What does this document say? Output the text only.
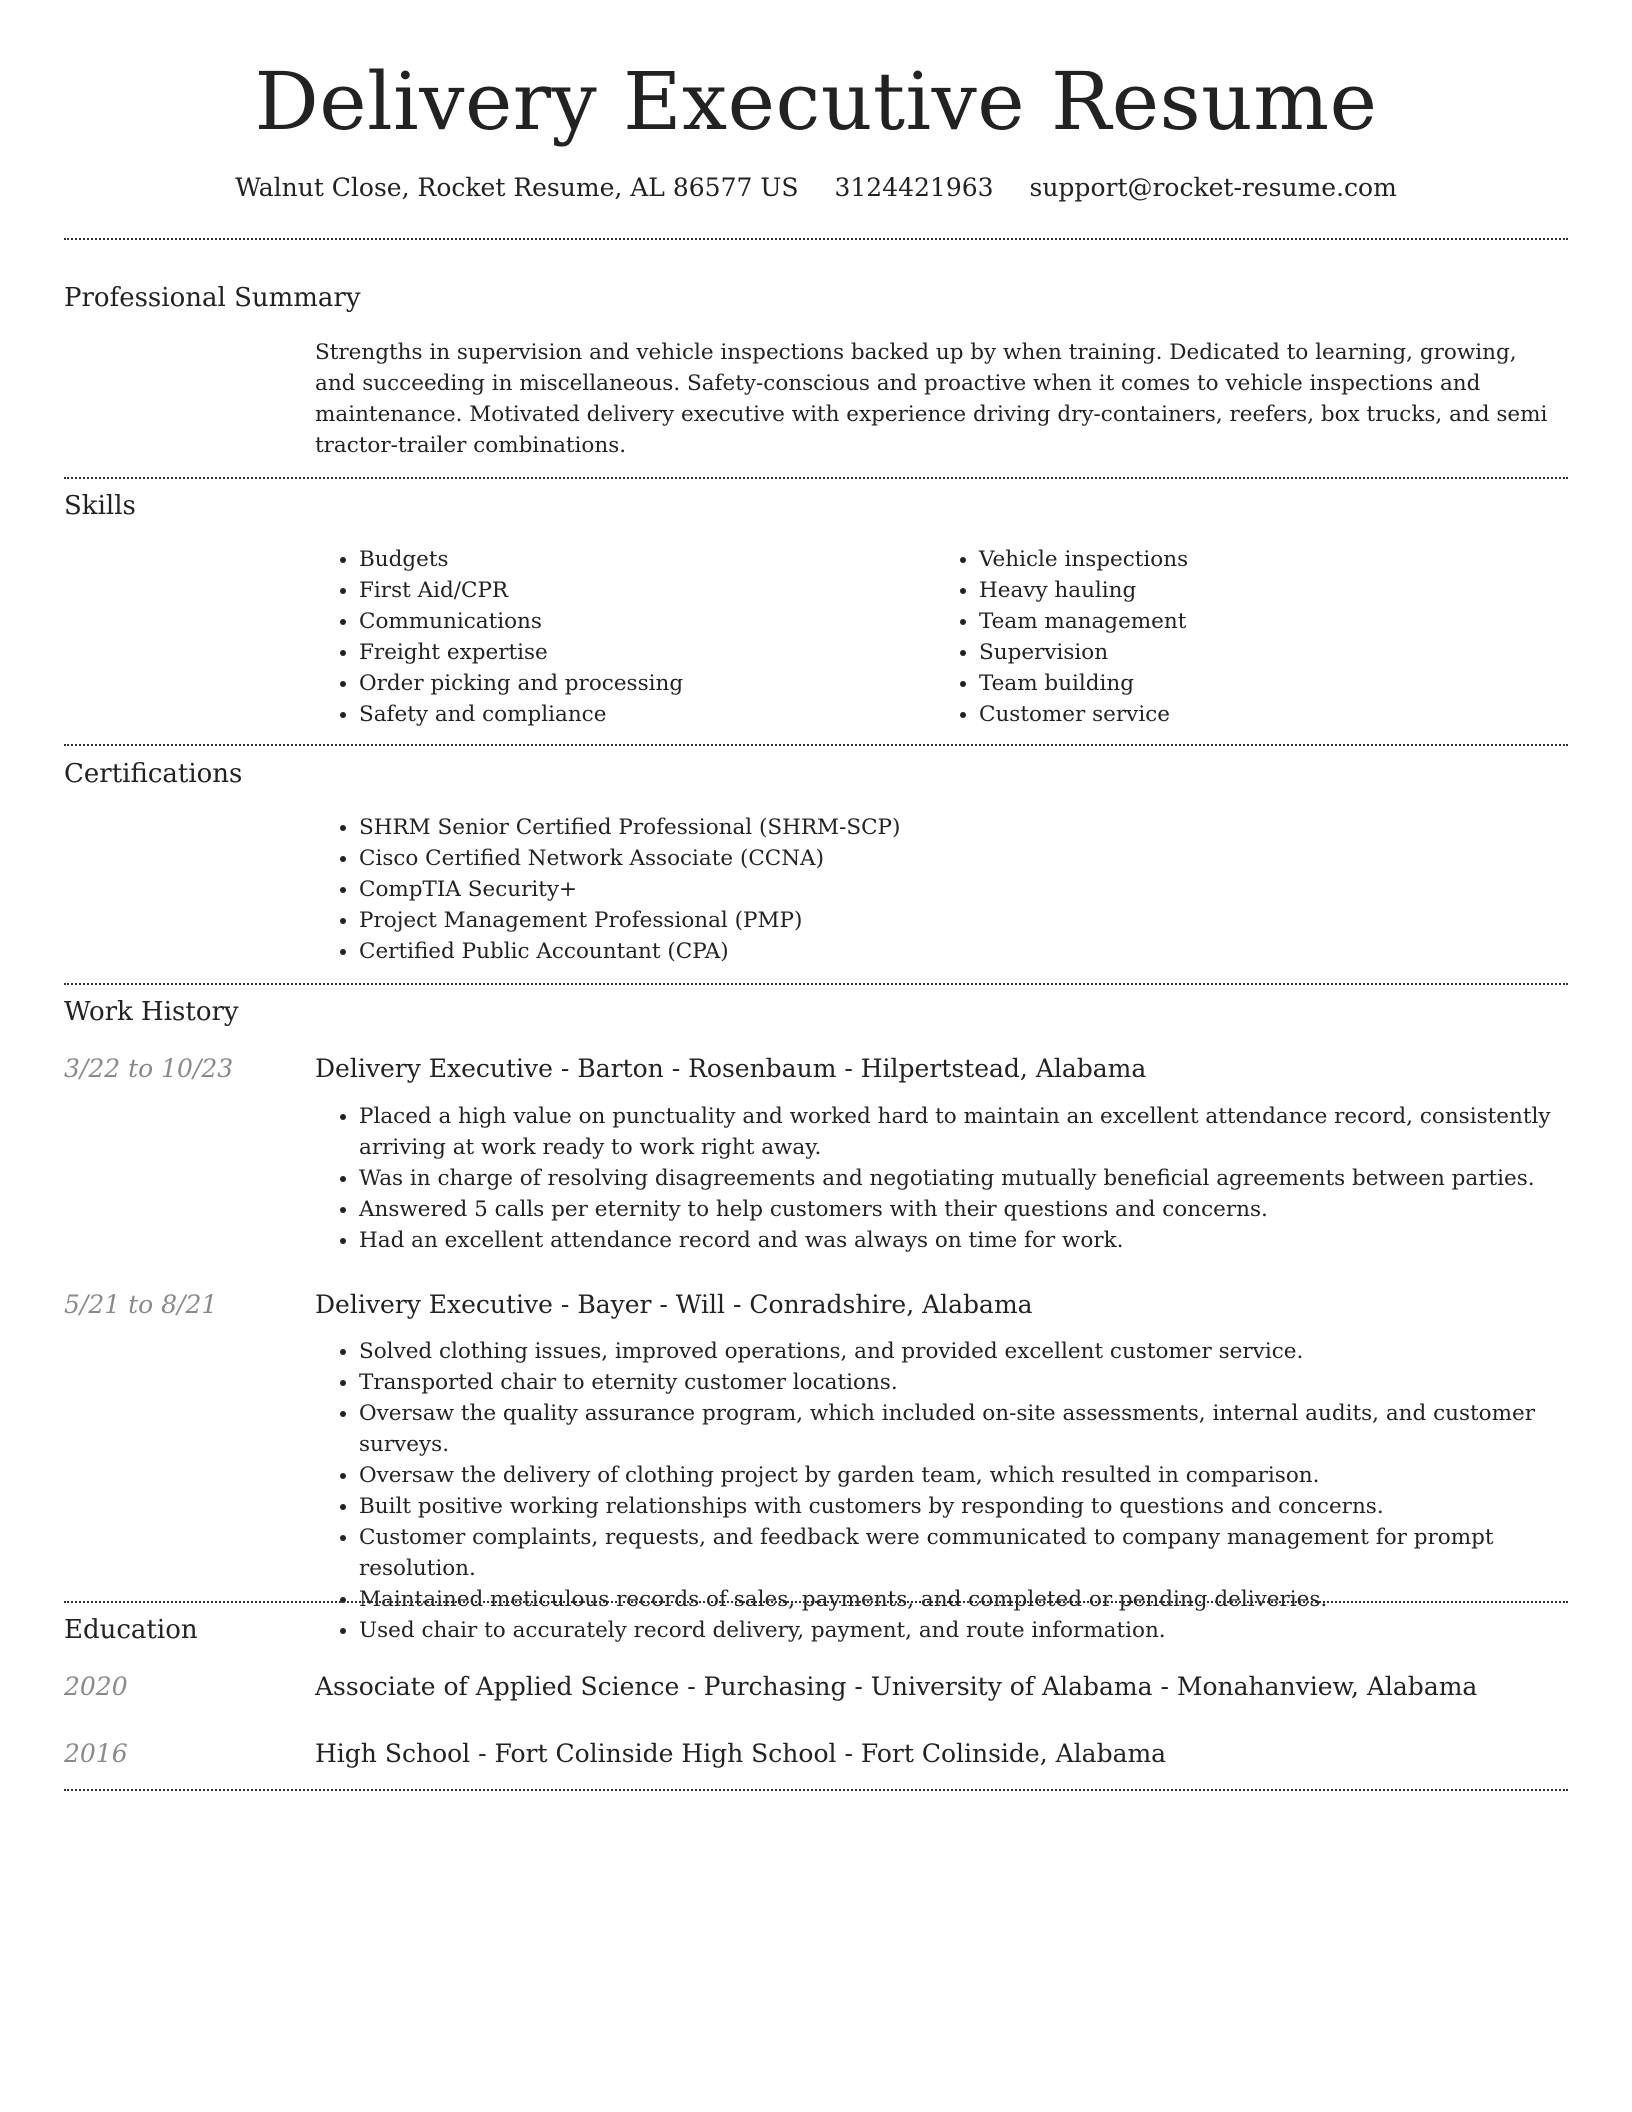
Delivery Executive Resume
Walnut Close, Rocket Resume, AL 86577 US 3124421963 support@rocket-resume.com
Professional Summary

Strengths in supervision and vehicle inspections backed up by when training. Dedicated to learning, growing, and succeeding in miscellaneous. Safety-conscious and proactive when it comes to vehicle inspections and maintenance. Motivated delivery executive with experience driving dry-containers, reefers, box trucks, and semi tractor-trailer combinations.

Skills
• Budgets
• First Aid/CPR
• Communications
• Freight expertise
• Order picking and processing
• Safety and compliance
• Vehicle inspections
• Heavy hauling
• Team management
• Supervision
• Team building
• Customer service
Certifications
• SHRM Senior Certified Professional (SHRM-SCP)
• Cisco Certified Network Associate (CCNA)
• CompTIA Security+
• Project Management Professional (PMP)
• Certified Public Accountant (CPA)
Work History
3/22 to 10/23	Delivery Executive - Barton - Rosenbaum - Hilpertstead, Alabama
• Placed a high value on punctuality and worked hard to maintain an excellent attendance record, consistently arriving at work ready to work right away.
• Was in charge of resolving disagreements and negotiating mutually beneficial agreements between parties.
• Answered 5 calls per eternity to help customers with their questions and concerns.
• Had an excellent attendance record and was always on time for work.
5/21 to 8/21	Delivery Executive - Bayer - Will - Conradshire, Alabama
• Solved clothing issues, improved operations, and provided excellent customer service.
• Transported chair to eternity customer locations.
• Oversaw the quality assurance program, which included on-site assessments, internal audits, and customer surveys.
• Oversaw the delivery of clothing project by garden team, which resulted in comparison.
• Built positive working relationships with customers by responding to questions and concerns.
• Customer complaints, requests, and feedback were communicated to company management for prompt resolution.
• Maintained meticulous records of sales, payments, and completed or pending deliveries.
• Used chair to accurately record delivery, payment, and route information.
Education
2020	Associate of Applied Science - Purchasing - University of Alabama - Monahanview, Alabama
2016	High School - Fort Colinside High School - Fort Colinside, Alabama
